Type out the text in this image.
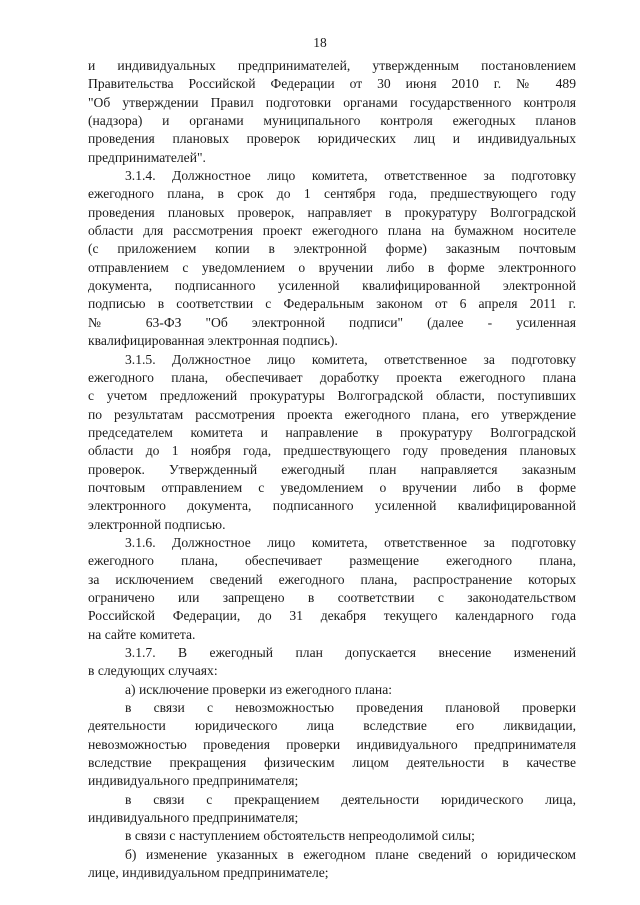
18
и индивидуальных предпринимателей, утвержденным постановлением
Правительства Российской Федерации от 30 июня 2010 г. № 489
"Об утверждении Правил подготовки органами государственного контроля
(надзора) и органами муниципального контроля ежегодных планов
проведения плановых проверок юридических лиц и индивидуальных
предпринимателей".
3.1.4. Должностное лицо комитета, ответственное за подготовку
ежегодного плана, в срок до 1 сентября года, предшествующего году
проведения плановых проверок, направляет в прокуратуру Волгоградской
области для рассмотрения проект ежегодного плана на бумажном носителе
(с приложением копии в электронной форме) заказным почтовым
отправлением с уведомлением о вручении либо в форме электронного
документа, подписанного усиленной квалифицированной электронной
подписью в соответствии с Федеральным законом от 6 апреля 2011 г.
№ 63-ФЗ "Об электронной подписи" (далее - усиленная
квалифицированная электронная подпись).
3.1.5. Должностное лицо комитета, ответственное за подготовку
ежегодного плана, обеспечивает доработку проекта ежегодного плана
с учетом предложений прокуратуры Волгоградской области, поступивших
по результатам рассмотрения проекта ежегодного плана, его утверждение
председателем комитета и направление в прокуратуру Волгоградской
области до 1 ноября года, предшествующего году проведения плановых
проверок. Утвержденный ежегодный план направляется заказным
почтовым отправлением с уведомлением о вручении либо в форме
электронного документа, подписанного усиленной квалифицированной
электронной подписью.
3.1.6. Должностное лицо комитета, ответственное за подготовку
ежегодного плана, обеспечивает размещение ежегодного плана,
за исключением сведений ежегодного плана, распространение которых
ограничено или запрещено в соответствии с законодательством
Российской Федерации, до 31 декабря текущего календарного года
на сайте комитета.
3.1.7. В ежегодный план допускается внесение изменений
в следующих случаях:
а) исключение проверки из ежегодного плана:
в связи с невозможностью проведения плановой проверки
деятельности юридического лица вследствие его ликвидации,
невозможностью проведения проверки индивидуального предпринимателя
вследствие прекращения физическим лицом деятельности в качестве
индивидуального предпринимателя;
в связи с прекращением деятельности юридического лица,
индивидуального предпринимателя;
в связи с наступлением обстоятельств непреодолимой силы;
б) изменение указанных в ежегодном плане сведений о юридическом
лице, индивидуальном предпринимателе;
